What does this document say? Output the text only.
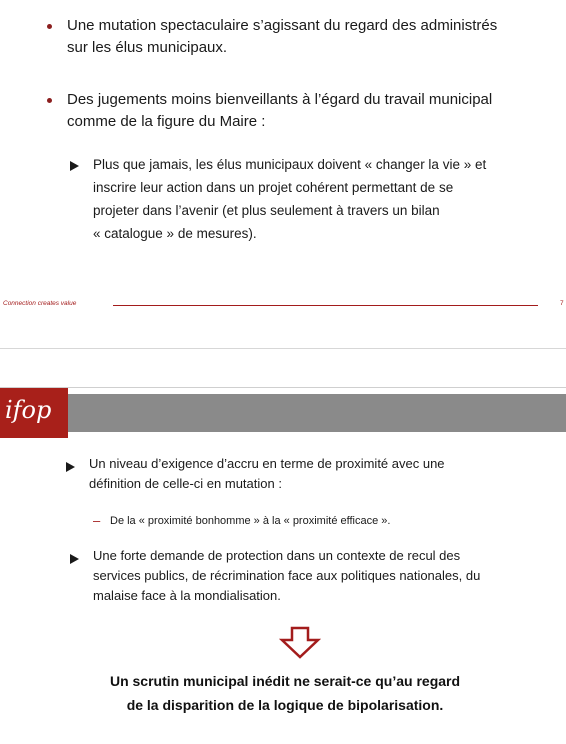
Une mutation spectaculaire s’agissant du regard des administrés
sur les élus municipaux.
Des jugements moins bienveillants à l’égard du travail municipal
comme de la figure du Maire :
Plus que jamais, les élus municipaux doivent « changer la vie » et
inscrire leur action dans un projet cohérent permettant de se
projeter dans l’avenir (et plus seulement à travers un bilan
« catalogue » de mesures).
Connection creates value	7
ifop
Un niveau d’exigence d’accru en terme de proximité avec une
définition de celle-ci en mutation :
– De la « proximité bonhomme » à la « proximité efficace ».
Une forte demande de protection dans un contexte de recul des
services publics, de récrimination face aux politiques nationales, du
malaise face à la mondialisation.
Un scrutin municipal inédit ne serait-ce qu’au regard
de la disparition de la logique de bipolarisation.
